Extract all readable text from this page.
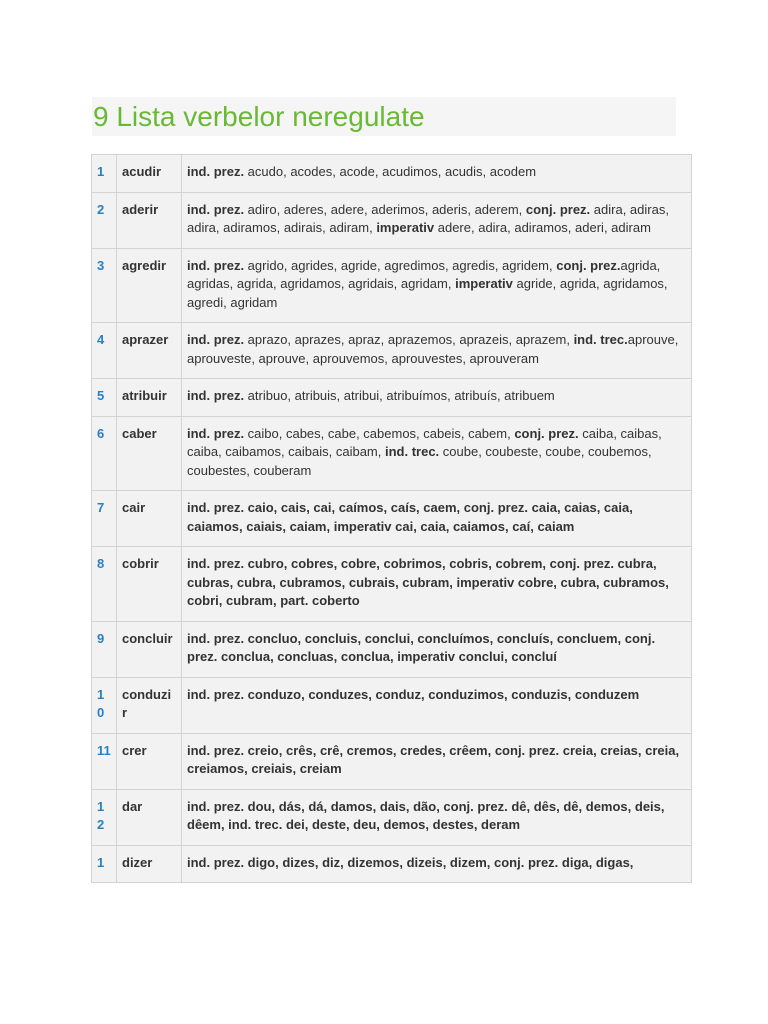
9 Lista verbelor neregulate
1	acudir	ind. prez. acudo, acodes, acode, acudimos, acudis, acodem
2	aderir	ind. prez. adiro, aderes, adere, aderimos, aderis, aderem, conj. prez. adira, adiras, adira, adiramos, adirais, adiram, imperativ adere, adira, adiramos, aderi, adiram
3	agredir	ind. prez. agrido, agrides, agride, agredimos, agredis, agridem, conj. prez.agrida, agridas, agrida, agridamos, agridais, agridam, imperativ agride, agrida, agridamos, agredi, agridam
4	aprazer	ind. prez. aprazo, aprazes, apraz, aprazemos, aprazeis, aprazem, ind. trec.aprouve, aprouveste, aprouve, aprouvemos, aprouvestes, aprouveram
5	atribuir	ind. prez. atribuo, atribuis, atribui, atribuímos, atribuís, atribuem
6	caber	ind. prez. caibo, cabes, cabe, cabemos, cabeis, cabem, conj. prez. caiba, caibas, caiba, caibamos, caibais, caibam, ind. trec. coube, coubeste, coube, coubemos, coubestes, couberam
7	cair	ind. prez. caio, cais, cai, caímos, caís, caem, conj. prez. caia, caias, caia, caiamos, caiais, caiam, imperativ cai, caia, caiamos, caí, caiam
8	cobrir	ind. prez. cubro, cobres, cobre, cobrimos, cobris, cobrem, conj. prez. cubra, cubras, cubra, cubramos, cubrais, cubram, imperativ cobre, cubra, cubramos, cobri, cubram, part. coberto
9	concluir	ind. prez. concluo, concluis, conclui, concluímos, concluís, concluem, conj. prez. conclua, concluas, conclua, imperativ conclui, concluí
10	conduzir	ind. prez. conduzo, conduzes, conduz, conduzimos, conduzis, conduzem
11	crer	ind. prez. creio, crês, crê, cremos, credes, crêem, conj. prez. creia, creias, creia, creiamos, creiais, creiam
12	dar	ind. prez. dou, dás, dá, damos, dais, dão, conj. prez. dê, dês, dê, demos, deis, dêem, ind. trec. dei, deste, deu, demos, destes, deram
1	dizer	ind. prez. digo, dizes, diz, dizemos, dizeis, dizem, conj. prez. diga, digas,
